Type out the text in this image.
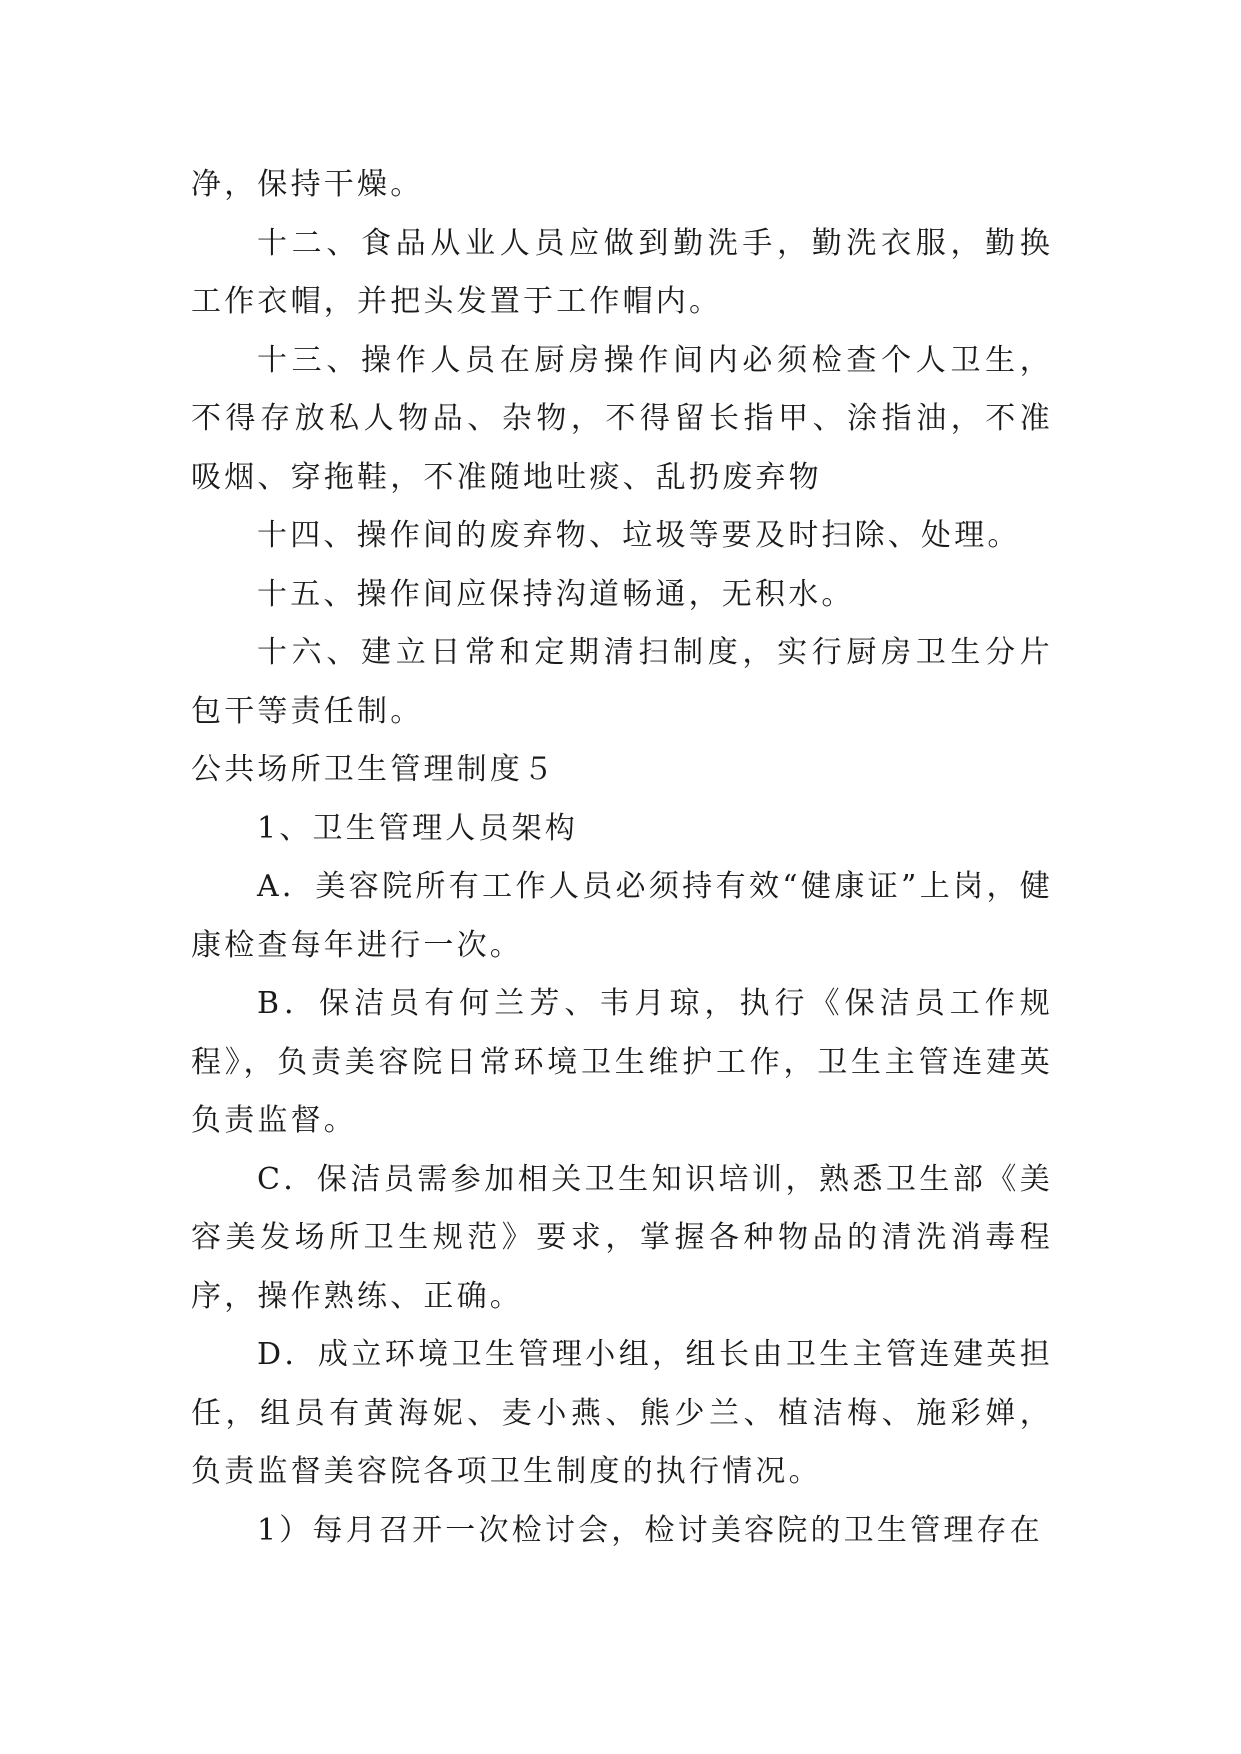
净，保持干燥。

十二、食品从业人员应做到勤洗手，勤洗衣服，勤换工作衣帽，并把头发置于工作帽内。

十三、操作人员在厨房操作间内必须检查个人卫生，不得存放私人物品、杂物，不得留长指甲、涂指油，不准吸烟、穿拖鞋，不准随地吐痰、乱扔废弃物

十四、操作间的废弃物、垃圾等要及时扫除、处理。

十五、操作间应保持沟道畅通，无积水。

十六、建立日常和定期清扫制度，实行厨房卫生分片包干等责任制。

公共场所卫生管理制度５

1、卫生管理人员架构

A．美容院所有工作人员必须持有效“健康证”上岗，健康检查每年进行一次。

B．保洁员有何兰芳、韦月琼，执行《保洁员工作规程》，负责美容院日常环境卫生维护工作，卫生主管连建英负责监督。

C．保洁员需参加相关卫生知识培训，熟悉卫生部《美容美发场所卫生规范》要求，掌握各种物品的清洗消毒程序，操作熟练、正确。

D．成立环境卫生管理小组，组长由卫生主管连建英担任，组员有黄海妮、麦小燕、熊少兰、植洁梅、施彩婵，负责监督美容院各项卫生制度的执行情况。

1）每月召开一次检讨会，检讨美容院的卫生管理存在
